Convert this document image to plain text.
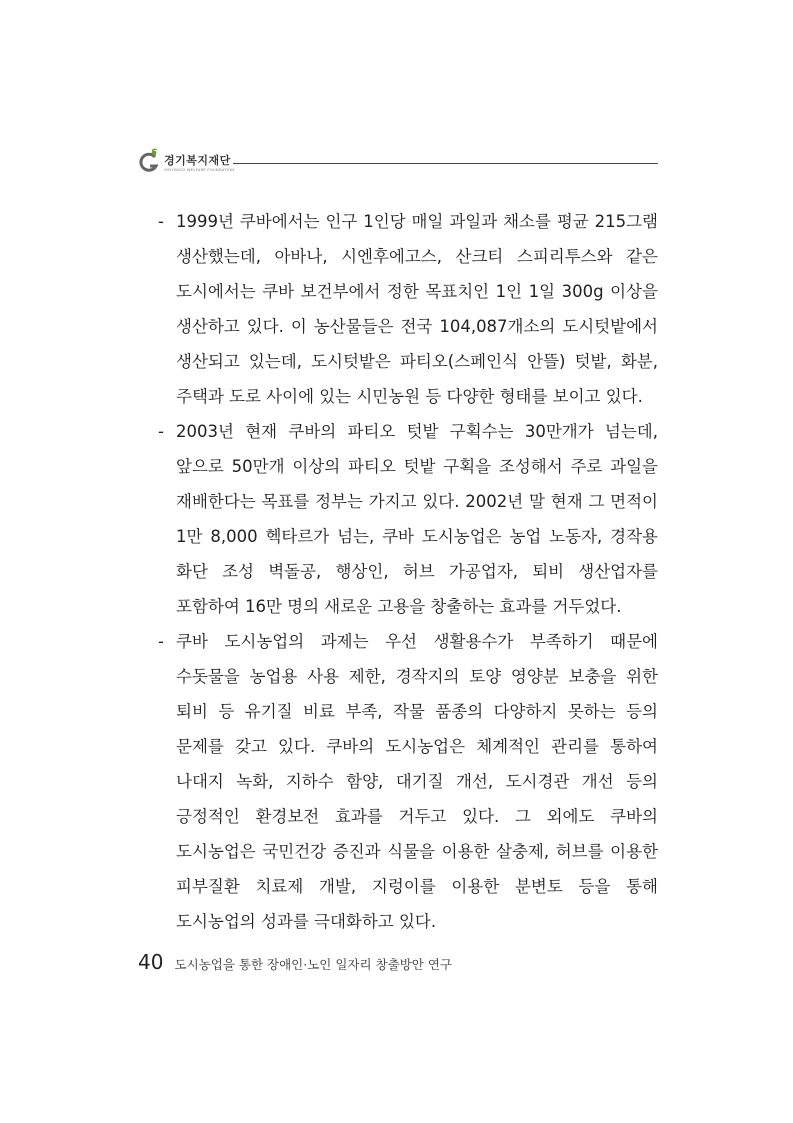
경기복지재단
GYEONGGI WELFARE FOUNDATION
- 1999년 쿠바에서는 인구 1인당 매일 과일과 채소를 평균 215그램 생산했는데, 아바나, 시엔후에고스, 산크티 스피리투스와 같은 도시에서는 쿠바 보건부에서 정한 목표치인 1인 1일 300g 이상을 생산하고 있다. 이 농산물들은 전국 104,087개소의 도시텃밭에서 생산되고 있는데, 도시텃밭은 파티오(스페인식 안뜰) 텃밭, 화분, 주택과 도로 사이에 있는 시민농원 등 다양한 형태를 보이고 있다.
- 2003년 현재 쿠바의 파티오 텃밭 구획수는 30만개가 넘는데, 앞으로 50만개 이상의 파티오 텃밭 구획을 조성해서 주로 과일을 재배한다는 목표를 정부는 가지고 있다. 2002년 말 현재 그 면적이 1만 8,000 헥타르가 넘는, 쿠바 도시농업은 농업 노동자, 경작용 화단 조성 벽돌공, 행상인, 허브 가공업자, 퇴비 생산업자를 포함하여 16만 명의 새로운 고용을 창출하는 효과를 거두었다.
- 쿠바 도시농업의 과제는 우선 생활용수가 부족하기 때문에 수돗물을 농업용 사용 제한, 경작지의 토양 영양분 보충을 위한 퇴비 등 유기질 비료 부족, 작물 품종의 다양하지 못하는 등의 문제를 갖고 있다. 쿠바의 도시농업은 체계적인 관리를 통하여 나대지 녹화, 지하수 함양, 대기질 개선, 도시경관 개선 등의 긍정적인 환경보전 효과를 거두고 있다. 그 외에도 쿠바의 도시농업은 국민건강 증진과 식물을 이용한 살충제, 허브를 이용한 피부질환 치료제 개발, 지렁이를 이용한 분변토 등을 통해 도시농업의 성과를 극대화하고 있다.
40 도시농업을 통한 장애인·노인 일자리 창출방안 연구
